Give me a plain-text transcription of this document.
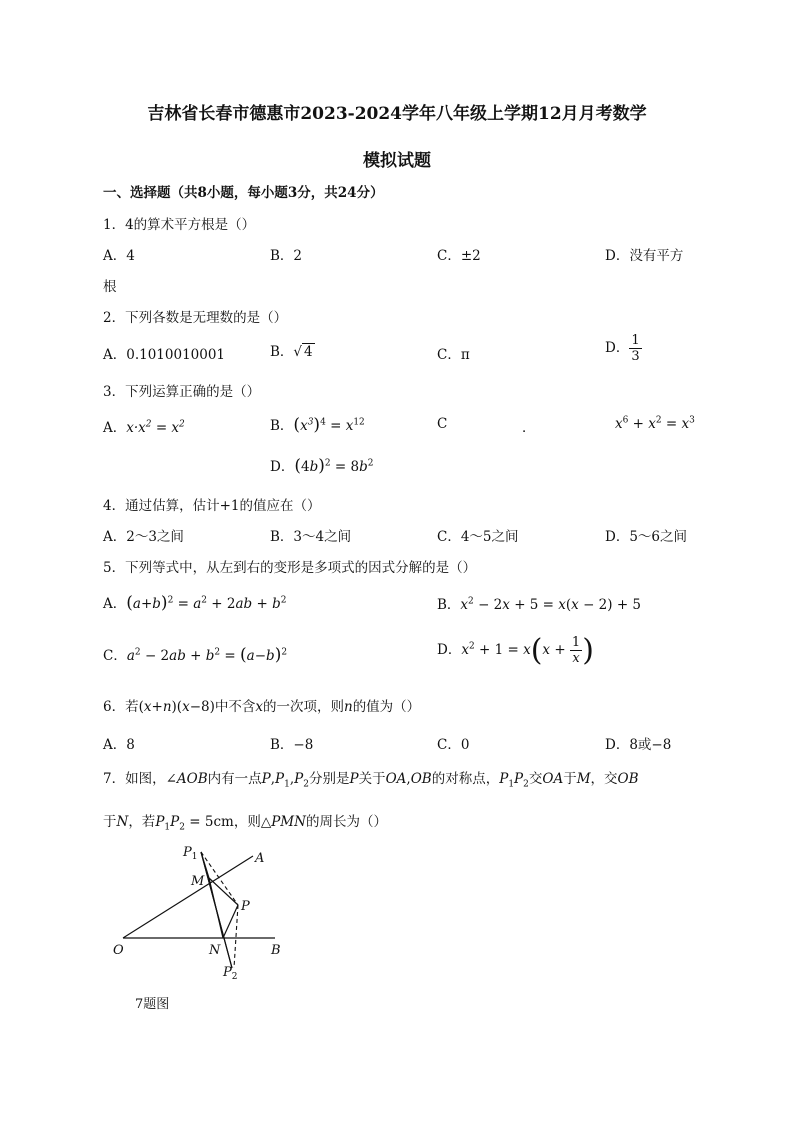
吉林省长春市德惠市2023-2024学年八年级上学期12月月考数学
模拟试题
一、选择题（共8小题，每小题3分，共24分）
1．4的算术平方根是（）
A．4	B．2	C．±2	D．没有平方
根
2．下列各数是无理数的是（）
A．0.1010010001	B．√ 4	C．π	D． $\frac{1}{3}$
3．下列运算正确的是（）
A．$x\cdot x^2 = x^2$	B．$(x^3)^4 = x^{12}$	C	．	$x^6 + x^2 = x^3$
D．$(4b)^2 = 8b^2$
4．通过估算，估计+1的值应在（）
A．2～3之间	B．3～4之间	C．4～5之间	D．5～6之间
5．下列等式中，从左到右的变形是多项式的因式分解的是（）
A．$(a+b)^2 = a^2 + 2ab + b^2$	B．$x^2 - 2x + 5 = x(x - 2) + 5$
C．$a^2 - 2ab + b^2 = (a-b)^2$	D．$x^2 + 1 = x(x + \frac{1}{x}$ )
6．若(x+n)(x−8)中不含x的一次项，则n的值为（）
A．8	B．−8	C．0	D．8或−8
7．如图，∠AOB内有一点$P,P_1,P_2$分别是P关于OA,OB的对称点，$P_1P_2$交OA于M，交OB
于N，若$P_1P_2 = 5cm$，则△PMN的周长为（）
$P_1$	A
M
P
O	N	B
$P_2$
7题图
